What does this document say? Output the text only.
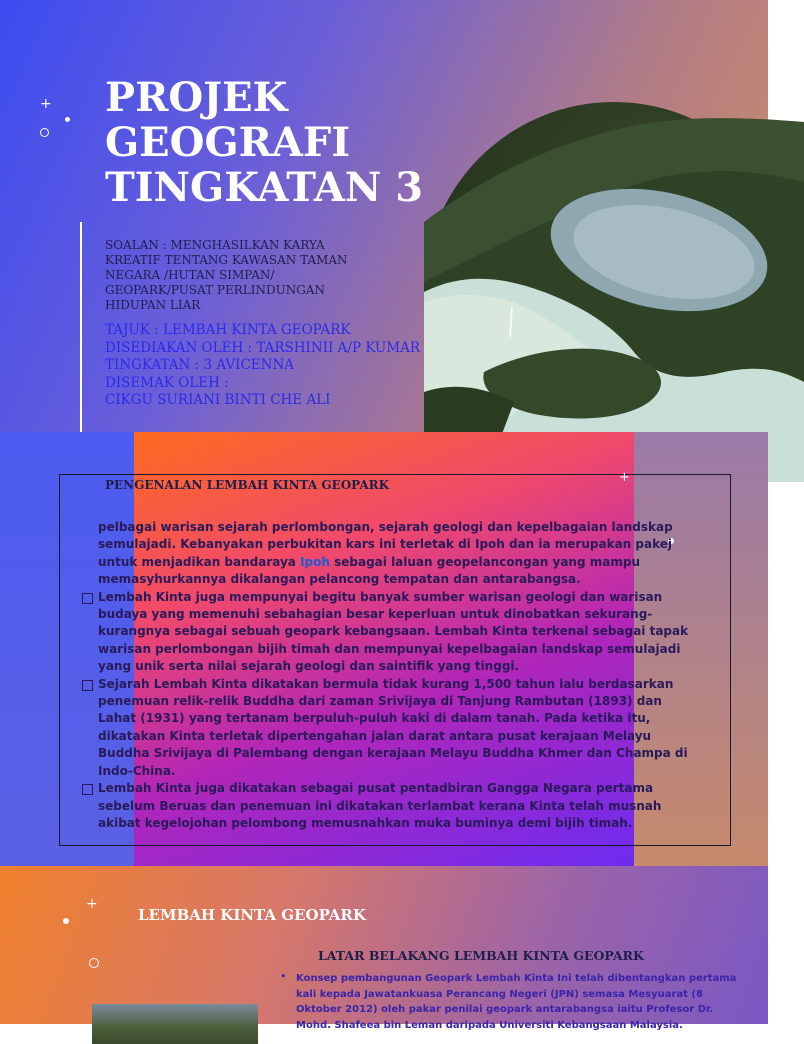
+ PROJEK
GEOGRAFI
TINGKATAN 3

SOALAN : MENGHASILKAN KARYA KREATIF TENTANG KAWASAN TAMAN NEGARA /HUTAN SIMPAN/ GEOPARK/PUSAT PERLINDUNGAN HIDUPAN LIAR

TAJUK : LEMBAH KINTA GEOPARK
DISEDIAKAN OLEH : TARSHINII A/P KUMAR
TINGKATAN : 3 AVICENNA
DISEMAK OLEH :
CIKGU SURIANI BINTI CHE ALI
+
PENGENALAN LEMBAH KINTA GEOPARK

pelbagai warisan sejarah perlombongan, sejarah geologi dan kepelbagaian landskap semulajadi. Kebanyakan perbukitan kars ini terletak di Ipoh dan ia merupakan pakej untuk menjadikan bandaraya Ipoh sebagai laluan geopelancongan yang mampu memasyhurkannya dikalangan pelancong tempatan dan antarabangsa.

Lembah Kinta juga mempunyai begitu banyak sumber warisan geologi dan warisan budaya yang memenuhi sebahagian besar keperluan untuk dinobatkan sekurang-kurangnya sebagai sebuah geopark kebangsaan. Lembah Kinta terkenal sebagai tapak warisan perlombongan bijih timah dan mempunyai kepelbagaian landskap semulajadi yang unik serta nilai sejarah geologi dan saintifik yang tinggi.

Sejarah Lembah Kinta dikatakan bermula tidak kurang 1,500 tahun lalu berdasarkan penemuan relik-relik Buddha dari zaman Srivijaya di Tanjung Rambutan (1893) dan Lahat (1931) yang tertanam berpuluh-puluh kaki di dalam tanah. Pada ketika itu, dikatakan Kinta terletak dipertengahan jalan darat antara pusat kerajaan Melayu Buddha Srivijaya di Palembang dengan kerajaan Melayu Buddha Khmer dan Champa di Indo-China.

Lembah Kinta juga dikatakan sebagai pusat pentadbiran Gangga Negara pertama sebelum Beruas dan penemuan ini dikatakan terlambat kerana Kinta telah musnah akibat kegelojohan pelombong memusnahkan muka buminya demi bijih timah.

+
LEMBAH KINTA GEOPARK
LATAR BELAKANG LEMBAH KINTA GEOPARK
• Konsep pembangunan Geopark Lembah Kinta Ini telah dibentangkan pertama kali kepada Jawatankuasa Perancang Negeri (JPN) semasa Mesyuarat (8 Oktober 2012) oleh pakar penilai geopark antarabangsa iaitu Profesor Dr. Mohd. Shafeea bin Leman daripada Universiti Kebangsaan Malaysia.
